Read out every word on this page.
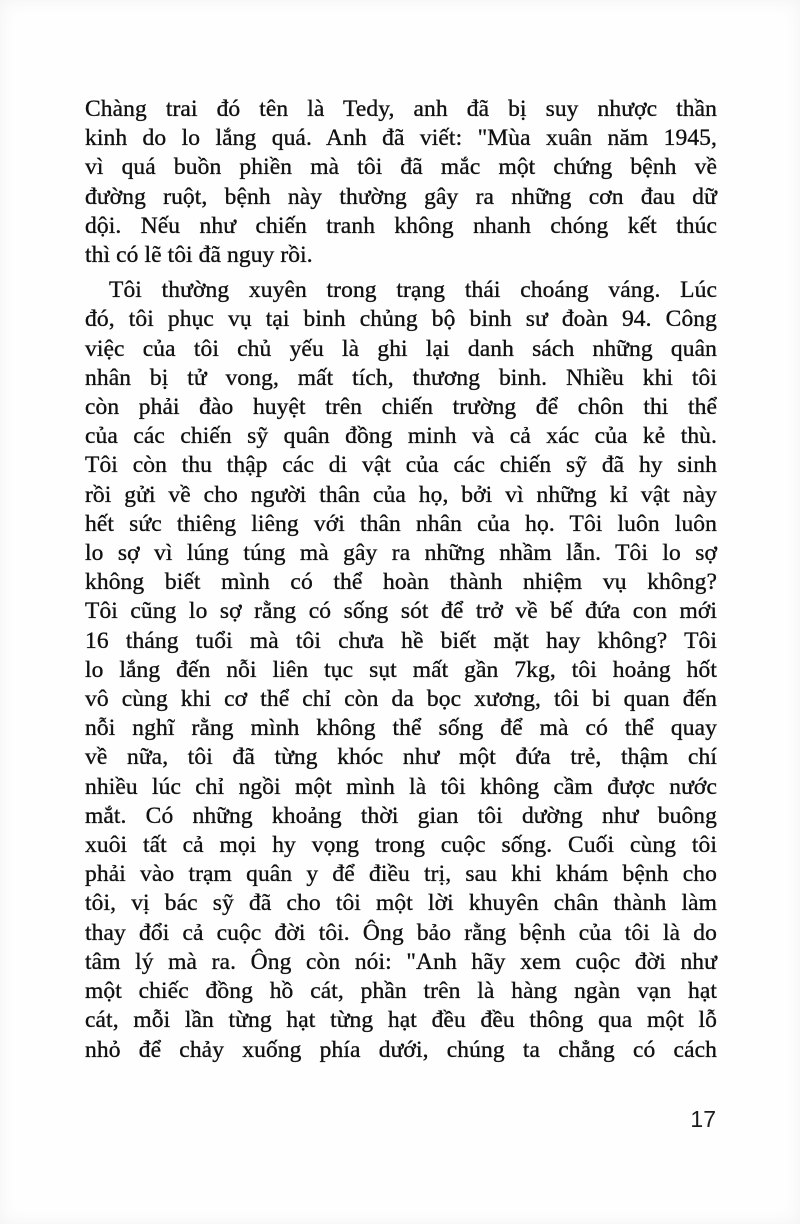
Chàng trai đó tên là Tedy, anh đã bị suy nhược thần
kinh do lo lắng quá. Anh đã viết: "Mùa xuân năm 1945,
vì quá buồn phiền mà tôi đã mắc một chứng bệnh về
đường ruột, bệnh này thường gây ra những cơn đau dữ
dội. Nếu như chiến tranh không nhanh chóng kết thúc
thì có lẽ tôi đã nguy rồi.
Tôi thường xuyên trong trạng thái choáng váng. Lúc
đó, tôi phục vụ tại binh chủng bộ binh sư đoàn 94. Công
việc của tôi chủ yếu là ghi lại danh sách những quân
nhân bị tử vong, mất tích, thương binh. Nhiều khi tôi
còn phải đào huyệt trên chiến trường để chôn thi thể
của các chiến sỹ quân đồng minh và cả xác của kẻ thù.
Tôi còn thu thập các di vật của các chiến sỹ đã hy sinh
rồi gửi về cho người thân của họ, bởi vì những kỉ vật này
hết sức thiêng liêng với thân nhân của họ. Tôi luôn luôn
lo sợ vì lúng túng mà gây ra những nhầm lẫn. Tôi lo sợ
không biết mình có thể hoàn thành nhiệm vụ không?
Tôi cũng lo sợ rằng có sống sót để trở về bế đứa con mới
16 tháng tuổi mà tôi chưa hề biết mặt hay không? Tôi
lo lắng đến nỗi liên tục sụt mất gần 7kg, tôi hoảng hốt
vô cùng khi cơ thể chỉ còn da bọc xương, tôi bi quan đến
nỗi nghĩ rằng mình không thể sống để mà có thể quay
về nữa, tôi đã từng khóc như một đứa trẻ, thậm chí
nhiều lúc chỉ ngồi một mình là tôi không cầm được nước
mắt. Có những khoảng thời gian tôi dường như buông
xuôi tất cả mọi hy vọng trong cuộc sống. Cuối cùng tôi
phải vào trạm quân y để điều trị, sau khi khám bệnh cho
tôi, vị bác sỹ đã cho tôi một lời khuyên chân thành làm
thay đổi cả cuộc đời tôi. Ông bảo rằng bệnh của tôi là do
tâm lý mà ra. Ông còn nói: "Anh hãy xem cuộc đời như
một chiếc đồng hồ cát, phần trên là hàng ngàn vạn hạt
cát, mỗi lần từng hạt từng hạt đều đều thông qua một lỗ
nhỏ để chảy xuống phía dưới, chúng ta chẳng có cách
17
